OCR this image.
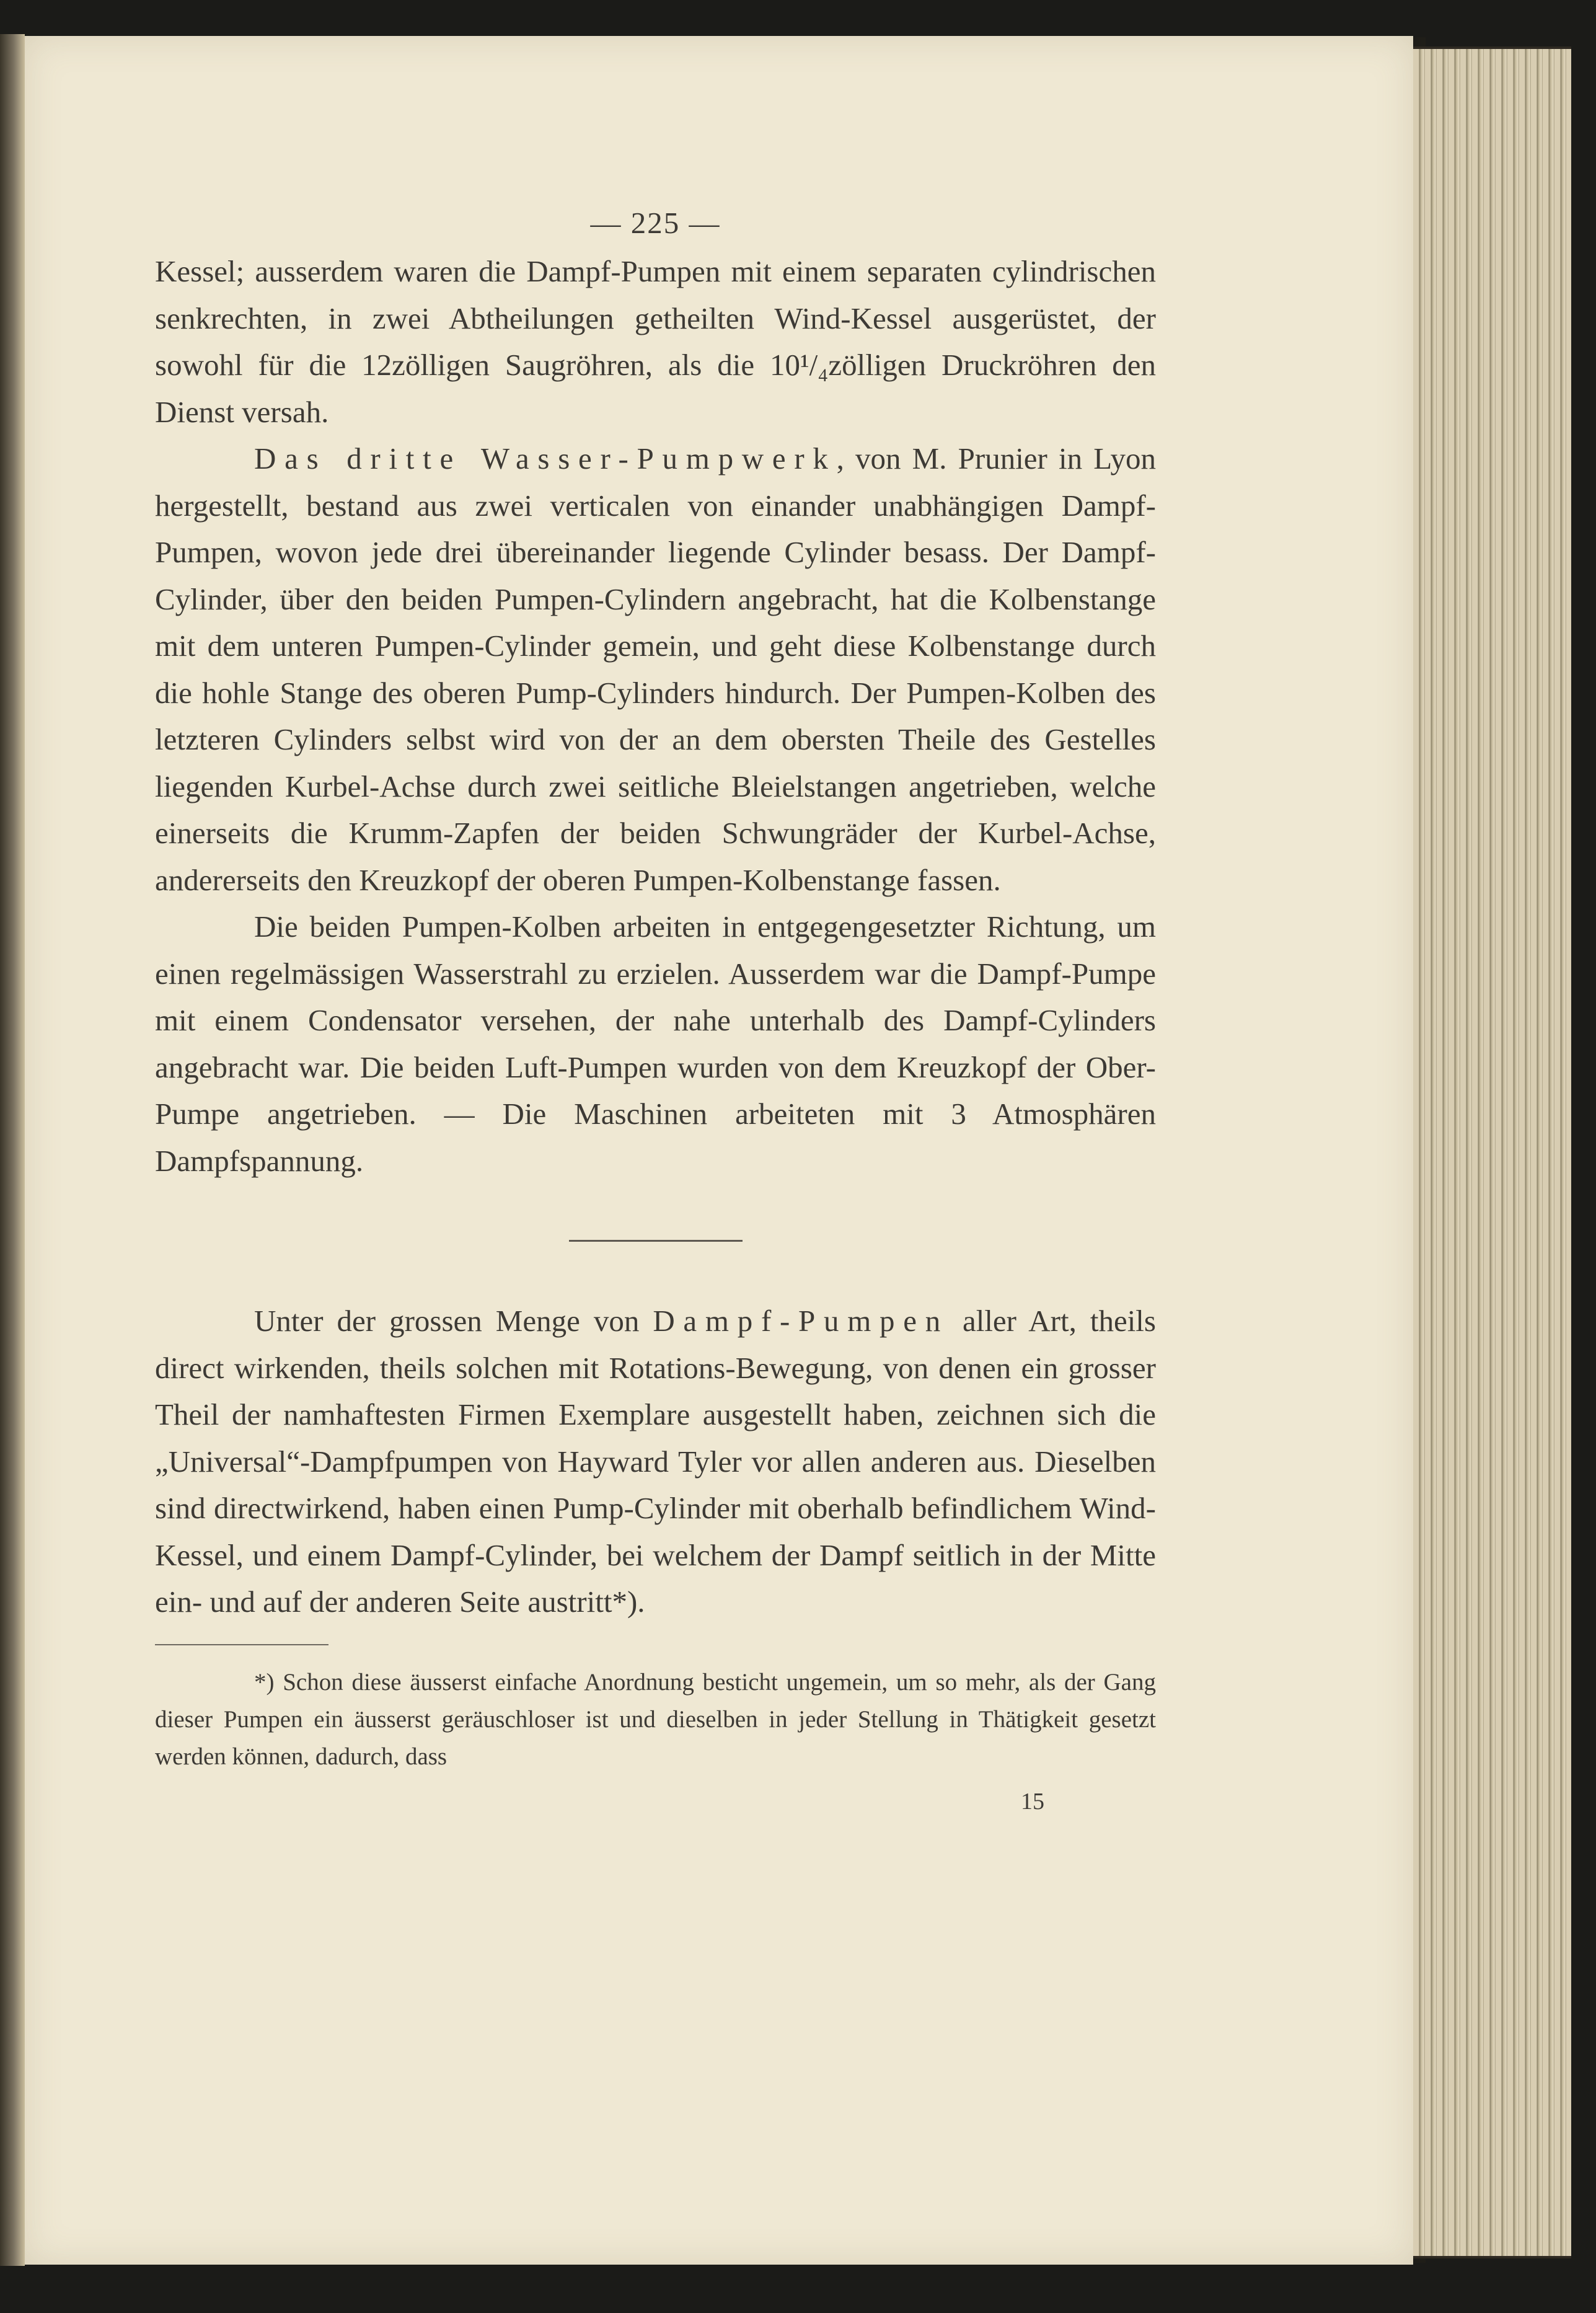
— 225 —

Kessel; ausserdem waren die Dampf-Pumpen mit einem separaten cylindrischen senkrechten, in zwei Abtheilungen getheilten Wind-Kessel ausgerüstet, der sowohl für die 12zölligen Saugröhren, als die 10¹/₄zölligen Druckröhren den Dienst versah.

Das dritte Wasser-Pumpwerk, von M. Prunier in Lyon hergestellt, bestand aus zwei verticalen von einander unabhängigen Dampf-Pumpen, wovon jede drei übereinander liegende Cylinder besass. Der Dampf-Cylinder, über den beiden Pumpen-Cylindern angebracht, hat die Kolbenstange mit dem unteren Pumpen-Cylinder gemein, und geht diese Kolbenstange durch die hohle Stange des oberen Pump-Cylinders hindurch. Der Pumpen-Kolben des letzteren Cylinders selbst wird von der an dem obersten Theile des Gestelles liegenden Kurbel-Achse durch zwei seitliche Bleielstangen angetrieben, welche einerseits die Krumm-Zapfen der beiden Schwungräder der Kurbel-Achse, andererseits den Kreuzkopf der oberen Pumpen-Kolbenstange fassen.

Die beiden Pumpen-Kolben arbeiten in entgegengesetzter Richtung, um einen regelmässigen Wasserstrahl zu erzielen. Ausserdem war die Dampf-Pumpe mit einem Condensator versehen, der nahe unterhalb des Dampf-Cylinders angebracht war. Die beiden Luft-Pumpen wurden von dem Kreuzkopf der Ober-Pumpe angetrieben. — Die Maschinen arbeiteten mit 3 Atmosphären Dampfspannung.

Unter der grossen Menge von Dampf-Pumpen aller Art, theils direct wirkenden, theils solchen mit Rotations-Bewegung, von denen ein grosser Theil der namhaftesten Firmen Exemplare ausgestellt haben, zeichnen sich die „Universal“-Dampfpumpen von Hayward Tyler vor allen anderen aus. Dieselben sind directwirkend, haben einen Pump-Cylinder mit oberhalb befindlichem Wind-Kessel, und einem Dampf-Cylinder, bei welchem der Dampf seitlich in der Mitte ein- und auf der anderen Seite austritt*).

*) Schon diese äusserst einfache Anordnung besticht ungemein, um so mehr, als der Gang dieser Pumpen ein äusserst geräuschloser ist und dieselben in jeder Stellung in Thätigkeit gesetzt werden können, dadurch, dass

15
